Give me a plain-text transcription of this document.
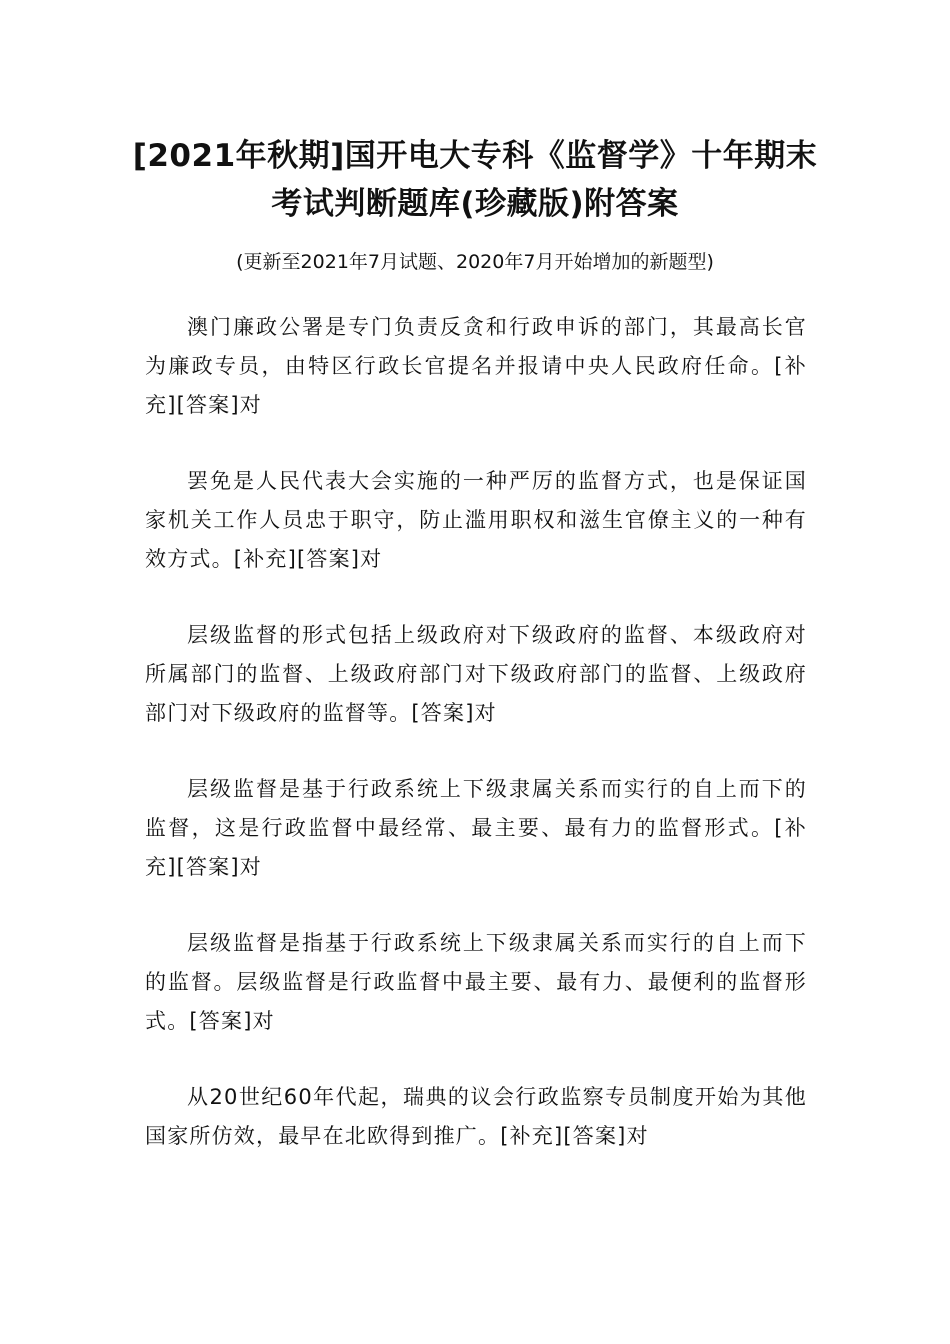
[2021年秋期]国开电大专科《监督学》十年期末考试判断题库(珍藏版)附答案
(更新至2021年7月试题、2020年7月开始增加的新题型)

澳门廉政公署是专门负责反贪和行政申诉的部门，其最高长官为廉政专员，由特区行政长官提名并报请中央人民政府任命。[补充][答案]对

罢免是人民代表大会实施的一种严厉的监督方式，也是保证国家机关工作人员忠于职守，防止滥用职权和滋生官僚主义的一种有效方式。[补充][答案]对

层级监督的形式包括上级政府对下级政府的监督、本级政府对所属部门的监督、上级政府部门对下级政府部门的监督、上级政府部门对下级政府的监督等。[答案]对

层级监督是基于行政系统上下级隶属关系而实行的自上而下的监督，这是行政监督中最经常、最主要、最有力的监督形式。[补充][答案]对

层级监督是指基于行政系统上下级隶属关系而实行的自上而下的监督。层级监督是行政监督中最主要、最有力、最便利的监督形式。[答案]对

从20世纪60年代起，瑞典的议会行政监察专员制度开始为其他国家所仿效，最早在北欧得到推广。[补充][答案]对
